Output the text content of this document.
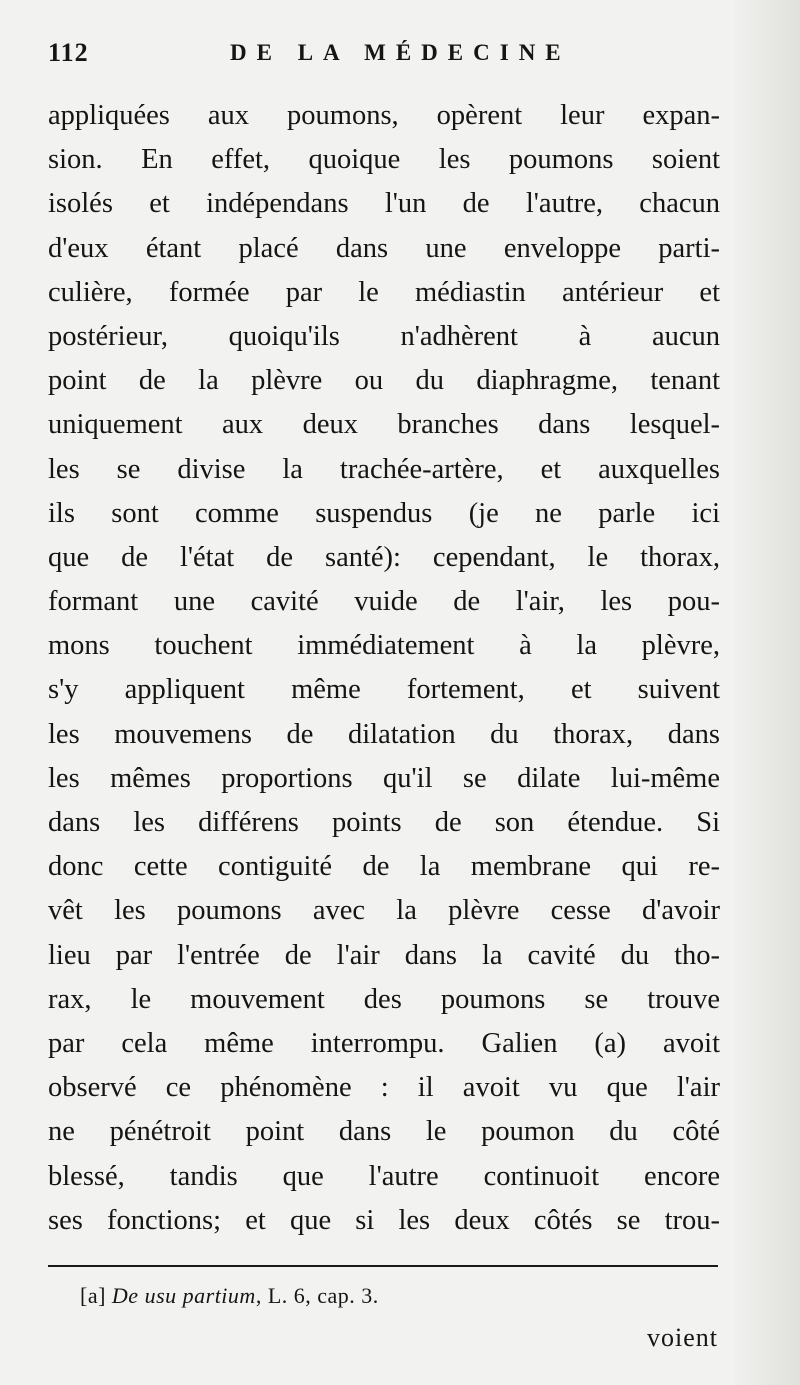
112	DE LA MÉDECINE
appliquées aux poumons, opèrent leur expan-
sion. En effet, quoique les poumons soient
isolés et indépendans l'un de l'autre, chacun
d'eux étant placé dans une enveloppe parti-
culière, formée par le médiastin antérieur et
postérieur, quoiqu'ils n'adhèrent à aucun
point de la plèvre ou du diaphragme, tenant
uniquement aux deux branches dans lesquel-
les se divise la trachée-artère, et auxquelles
ils sont comme suspendus (je ne parle ici
que de l'état de santé): cependant, le thorax,
formant une cavité vuide de l'air, les pou-
mons touchent immédiatement à la plèvre,
s'y appliquent même fortement, et suivent
les mouvemens de dilatation du thorax, dans
les mêmes proportions qu'il se dilate lui-même
dans les différens points de son étendue. Si
donc cette contiguité de la membrane qui re-
vêt les poumons avec la plèvre cesse d'avoir
lieu par l'entrée de l'air dans la cavité du tho-
rax, le mouvement des poumons se trouve
par cela même interrompu. Galien (a) avoit
observé ce phénomène : il avoit vu que l'air
ne pénétroit point dans le poumon du côté
blessé, tandis que l'autre continuoit encore
ses fonctions; et que si les deux côtés se trou-
[a] De usu partium, L. 6, cap. 3.
voient
